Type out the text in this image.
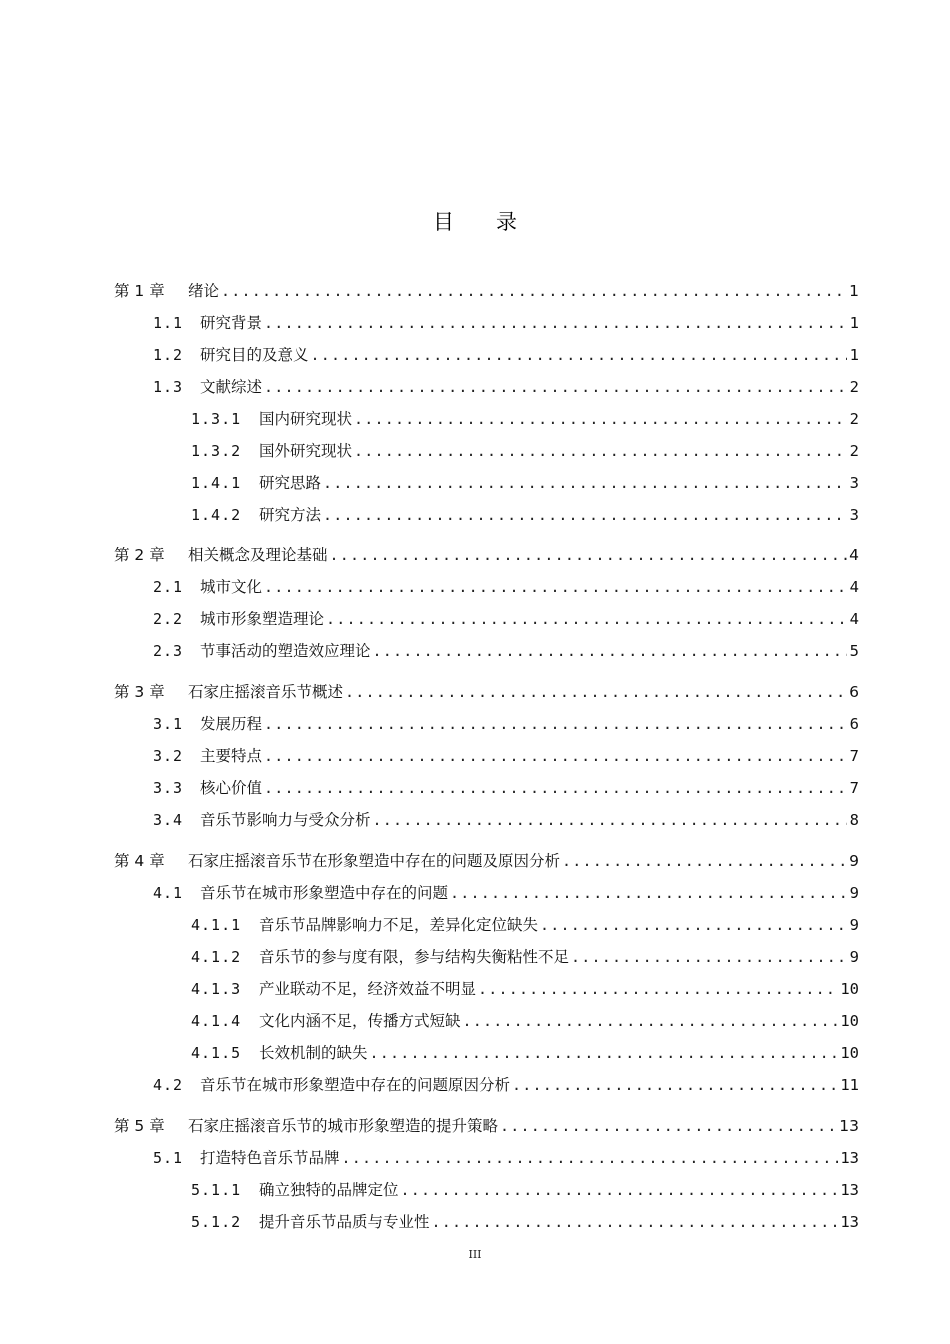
目录
第 1 章	绪论 .....	1
1.1	研究背景 .....	1
1.2	研究目的及意义 .....	1
1.3	文献综述 .....	2
1.3.1	国内研究现状 .....	2
1.3.2	国外研究现状 .....	2
1.4.1	研究思路 .....	3
1.4.2	研究方法 .....	3
第 2 章	相关概念及理论基础 .....	4
2.1	城市文化 .....	4
2.2	城市形象塑造理论 .....	4
2.3	节事活动的塑造效应理论 .....	5
第 3 章	石家庄摇滚音乐节概述 .....	6
3.1	发展历程 .....	6
3.2	主要特点 .....	7
3.3	核心价值 .....	7
3.4	音乐节影响力与受众分析 .....	8
第 4 章	石家庄摇滚音乐节在形象塑造中存在的问题及原因分析 .....	9
4.1	音乐节在城市形象塑造中存在的问题 .....	9
4.1.1	音乐节品牌影响力不足，差异化定位缺失 .....	9
4.1.2	音乐节的参与度有限，参与结构失衡粘性不足 .....	9
4.1.3	产业联动不足，经济效益不明显 .....	10
4.1.4	文化内涵不足，传播方式短缺 .....	10
4.1.5	长效机制的缺失 .....	10
4.2	音乐节在城市形象塑造中存在的问题原因分析 .....	11
第 5 章	石家庄摇滚音乐节的城市形象塑造的提升策略 .....	13
5.1	打造特色音乐节品牌 .....	13
5.1.1	确立独特的品牌定位 .....	13
5.1.2	提升音乐节品质与专业性 .....	13
III
